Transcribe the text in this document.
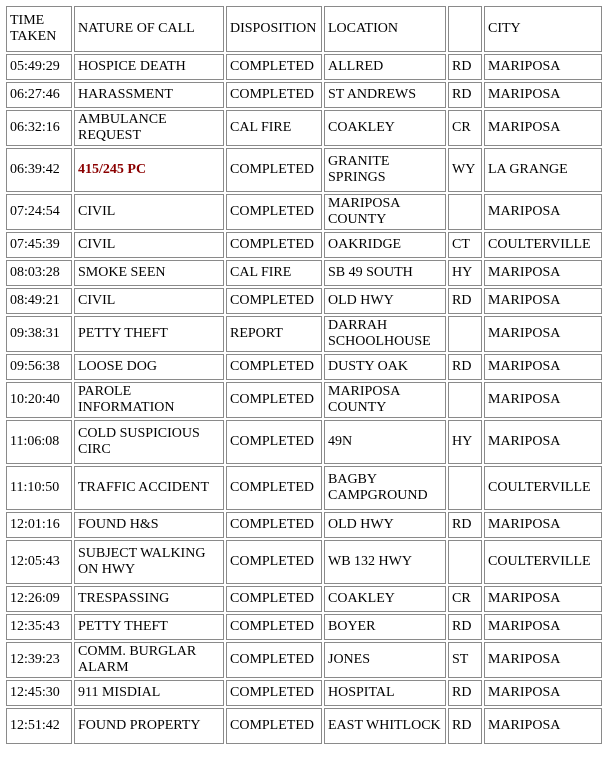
TIME TAKEN	NATURE OF CALL	DISPOSITION	LOCATION		CITY
05:49:29	HOSPICE DEATH	COMPLETED	ALLRED	RD	MARIPOSA
06:27:46	HARASSMENT	COMPLETED	ST ANDREWS	RD	MARIPOSA
06:32:16	AMBULANCE REQUEST	CAL FIRE	COAKLEY	CR	MARIPOSA
06:39:42	415/245 PC	COMPLETED	GRANITE SPRINGS	WY	LA GRANGE
07:24:54	CIVIL	COMPLETED	MARIPOSA COUNTY		MARIPOSA
07:45:39	CIVIL	COMPLETED	OAKRIDGE	CT	COULTERVILLE
08:03:28	SMOKE SEEN	CAL FIRE	SB 49 SOUTH	HY	MARIPOSA
08:49:21	CIVIL	COMPLETED	OLD HWY	RD	MARIPOSA
09:38:31	PETTY THEFT	REPORT	DARRAH SCHOOLHOUSE		MARIPOSA
09:56:38	LOOSE DOG	COMPLETED	DUSTY OAK	RD	MARIPOSA
10:20:40	PAROLE INFORMATION	COMPLETED	MARIPOSA COUNTY		MARIPOSA
11:06:08	COLD SUSPICIOUS CIRC	COMPLETED	49N	HY	MARIPOSA
11:10:50	TRAFFIC ACCIDENT	COMPLETED	BAGBY CAMPGROUND		COULTERVILLE
12:01:16	FOUND H&S	COMPLETED	OLD HWY	RD	MARIPOSA
12:05:43	SUBJECT WALKING ON HWY	COMPLETED	WB 132 HWY		COULTERVILLE
12:26:09	TRESPASSING	COMPLETED	COAKLEY	CR	MARIPOSA
12:35:43	PETTY THEFT	COMPLETED	BOYER	RD	MARIPOSA
12:39:23	COMM. BURGLAR ALARM	COMPLETED	JONES	ST	MARIPOSA
12:45:30	911 MISDIAL	COMPLETED	HOSPITAL	RD	MARIPOSA
12:51:42	FOUND PROPERTY	COMPLETED	EAST WHITLOCK	RD	MARIPOSA
